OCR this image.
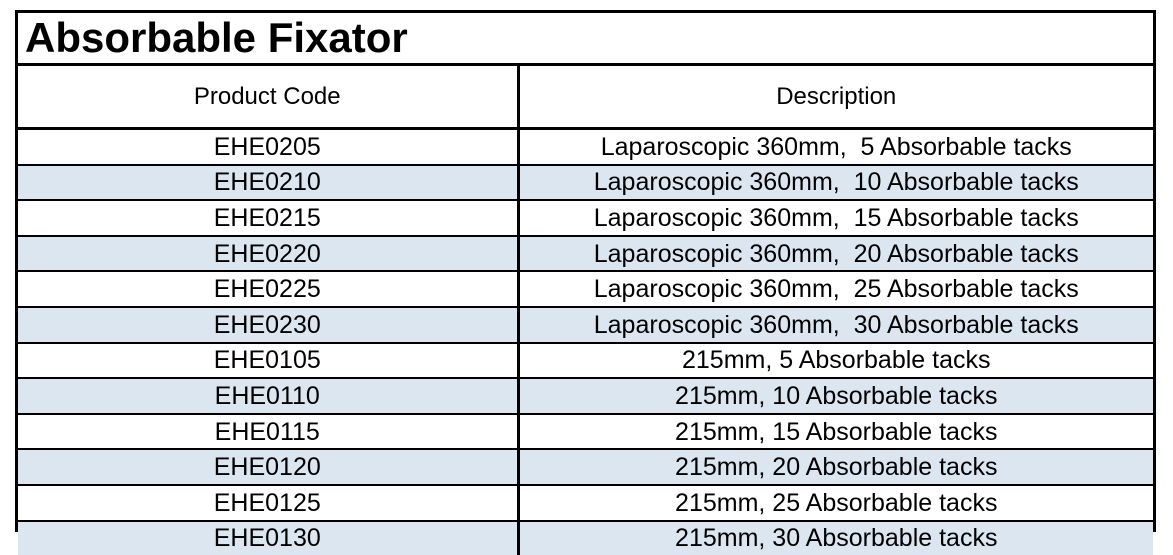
Absorbable Fixator
Product Code	Description
EHE0205	Laparoscopic 360mm,  5 Absorbable tacks
EHE0210	Laparoscopic 360mm,  10 Absorbable tacks
EHE0215	Laparoscopic 360mm,  15 Absorbable tacks
EHE0220	Laparoscopic 360mm,  20 Absorbable tacks
EHE0225	Laparoscopic 360mm,  25 Absorbable tacks
EHE0230	Laparoscopic 360mm,  30 Absorbable tacks
EHE0105	215mm, 5 Absorbable tacks
EHE0110	215mm, 10 Absorbable tacks
EHE0115	215mm, 15 Absorbable tacks
EHE0120	215mm, 20 Absorbable tacks
EHE0125	215mm, 25 Absorbable tacks
EHE0130	215mm, 30 Absorbable tacks
